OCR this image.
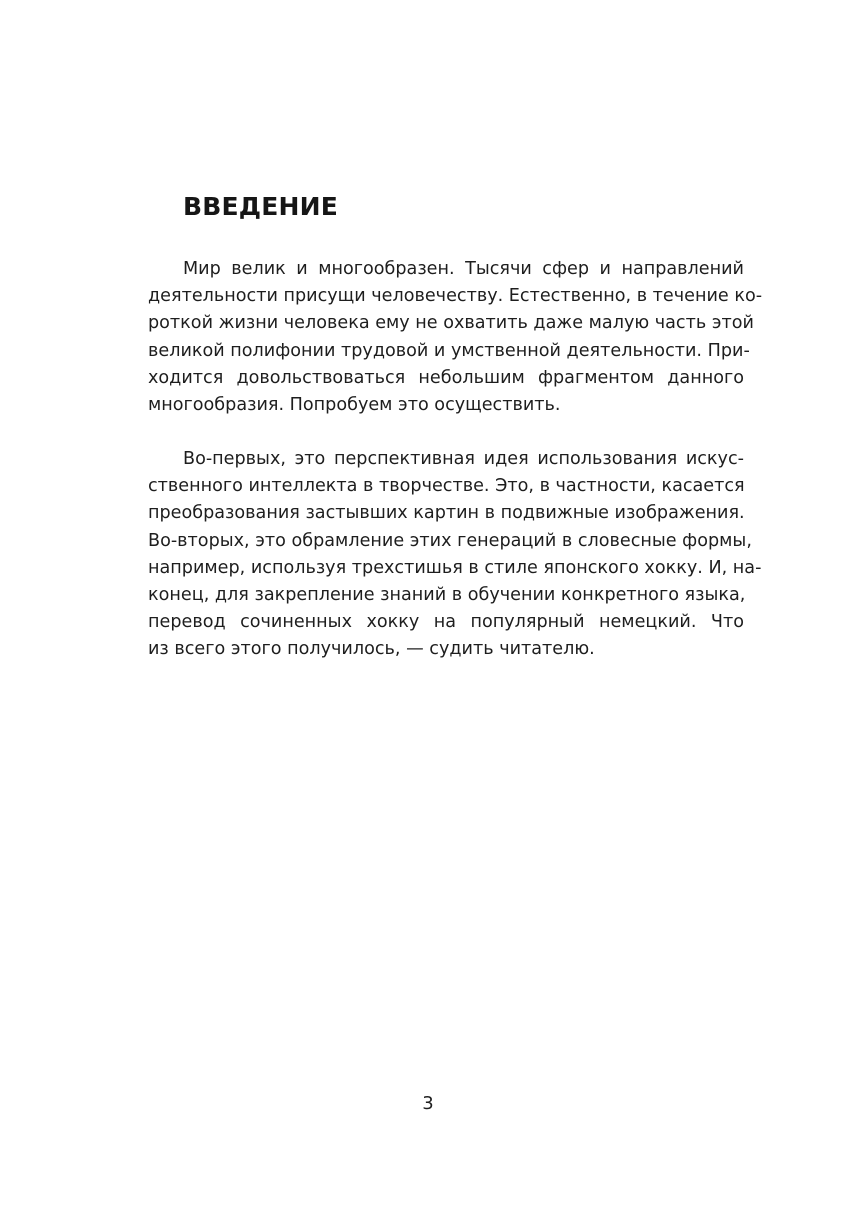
ВВЕДЕНИЕ
Мир велик и многообразен. Тысячи сфер и направлений
деятельности присущи человечеству. Естественно, в течение ко-
роткой жизни человека ему не охватить даже малую часть этой
великой полифонии трудовой и умственной деятельности. При-
ходится довольствоваться небольшим фрагментом данного
многообразия. Попробуем это осуществить.
Во-первых, это перспективная идея использования искус-
ственного интеллекта в творчестве. Это, в частности, касается
преобразования застывших картин в подвижные изображения.
Во-вторых, это обрамление этих генераций в словесные формы,
например, используя трехстишья в стиле японского хокку. И, на-
конец, для закрепление знаний в обучении конкретного языка,
перевод сочиненных хокку на популярный немецкий. Что
из всего этого получилось, — судить читателю.
3
